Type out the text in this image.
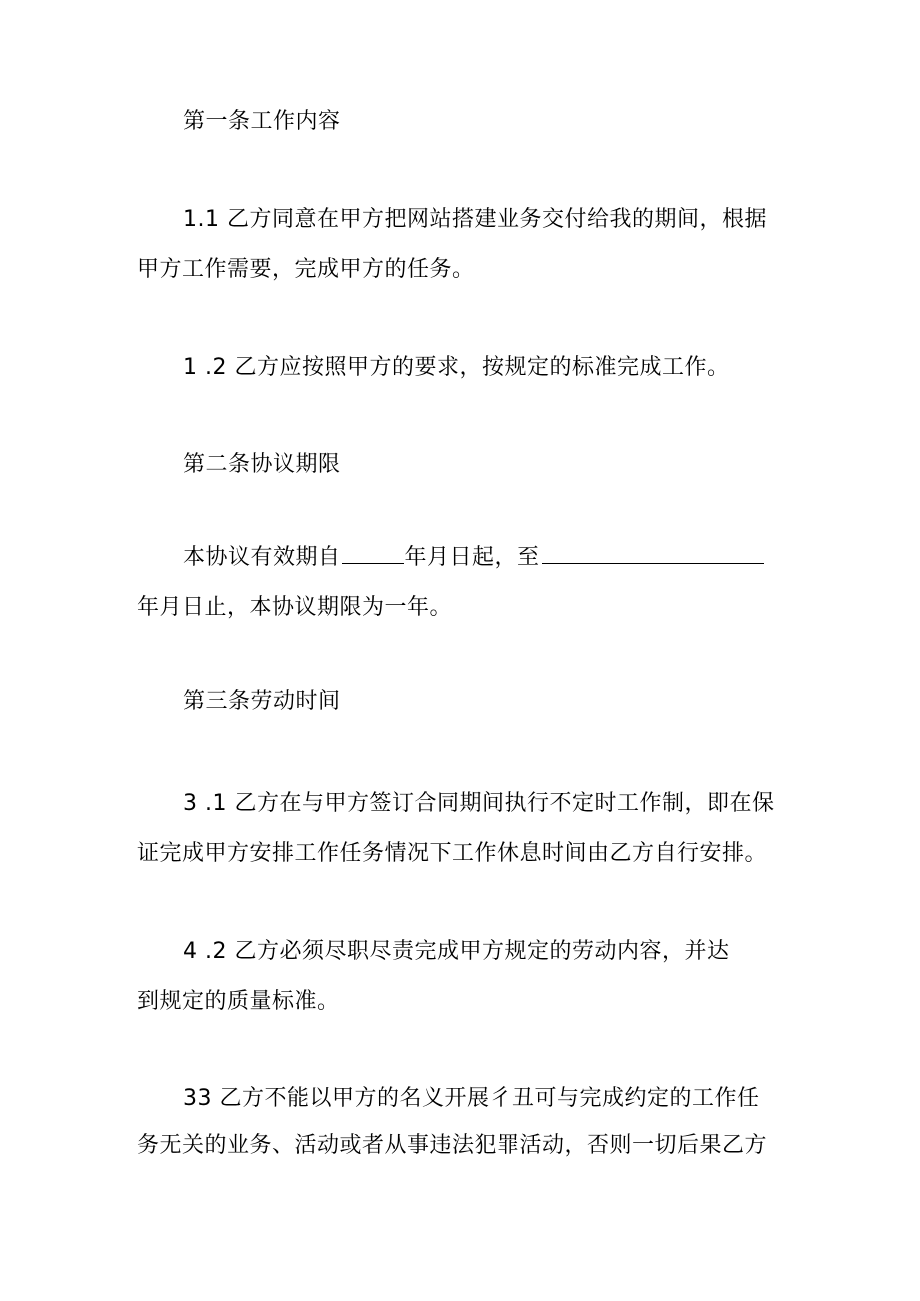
第一条工作内容
1.1 乙方同意在甲方把网站搭建业务交付给我的期间，根据
甲方工作需要，完成甲方的任务。
1 .2 乙方应按照甲方的要求，按规定的标准完成工作。
第二条协议期限
本协议有效期自	年月日起，至
年月日止，本协议期限为一年。
第三条劳动时间
3 .1 乙方在与甲方签订合同期间执行不定时工作制，即在保
证完成甲方安排工作任务情况下工作休息时间由乙方自行安排。
4 .2 乙方必须尽职尽责完成甲方规定的劳动内容，并达
到规定的质量标准。
33 乙方不能以甲方的名义开展彳丑可与完成约定的工作任
务无关的业务、活动或者从事违法犯罪活动，否则一切后果乙方
